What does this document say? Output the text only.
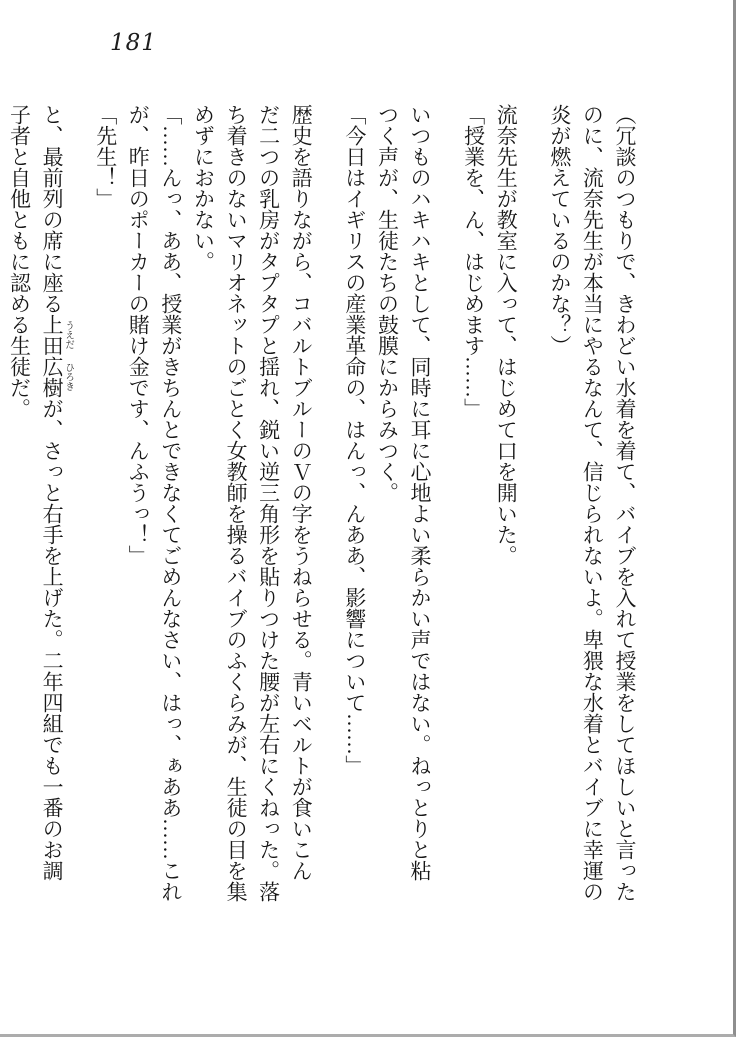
181
（冗談のつもりで、きわどい水着を着て、バイブを入れて授業をしてほしいと言った
のに、流奈先生が本当にやるなんて、信じられないよ。卑猥な水着とバイブに幸運の
炎が燃えているのかな？）
流奈先生が教室に入って、はじめて口を開いた。
「授業を、ん、はじめます……」
いつものハキハキとして、同時に耳に心地よい柔らかい声ではない。ねっとりと粘
つく声が、生徒たちの鼓膜にからみつく。
「今日はイギリスの産業革命の、はんっ、んああ、影響について……」
歴史を語りながら、コバルトブルーのＶの字をうねらせる。青いベルトが食いこん
だ二つの乳房がタプタプと揺れ、鋭い逆三角形を貼りつけた腰が左右にくねった。落
ち着きのないマリオネットのごとく女教師を操るバイブのふくらみが、生徒の目を集
めずにおかない。
「……んっ、ああ、授業がきちんとできなくてごめんなさい、はっ、ぁああ……これ
が、昨日のポーカーの賭け金です、んふうっ！」
「先生！」
と、最前列の席に座る上田 うえだ広樹 ひろきが、さっと右手を上げた。二年四組でも一番のお調
子者と自他ともに認める生徒だ。
